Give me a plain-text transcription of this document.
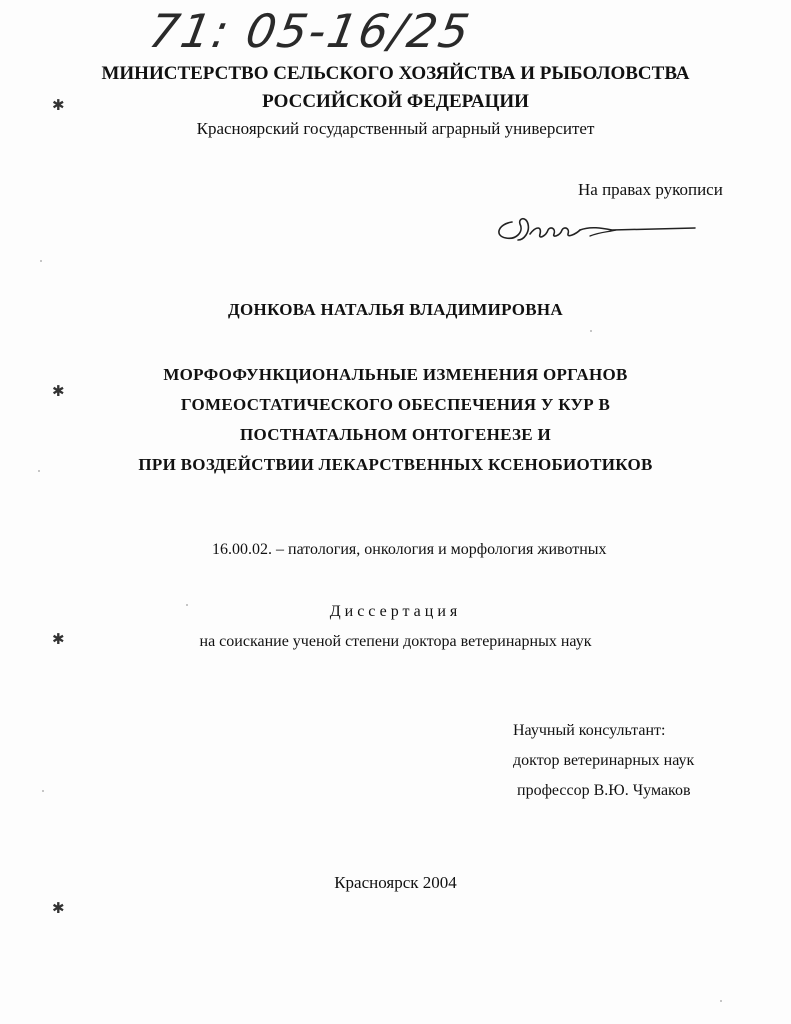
71: 05-16/25
МИНИСТЕРСТВО СЕЛЬСКОГО ХОЗЯЙСТВА И РЫБОЛОВСТВА
РОССИЙСКОЙ ФЕДЕРАЦИИ
Красноярский государственный аграрный университет
На правах рукописи
ДОНКОВА НАТАЛЬЯ ВЛАДИМИРОВНА
МОРФОФУНКЦИОНАЛЬНЫЕ ИЗМЕНЕНИЯ ОРГАНОВ
ГОМЕОСТАТИЧЕСКОГО ОБЕСПЕЧЕНИЯ У КУР В
ПОСТНАТАЛЬНОМ ОНТОГЕНЕЗЕ И
ПРИ ВОЗДЕЙСТВИИ ЛЕКАРСТВЕННЫХ КСЕНОБИОТИКОВ
16.00.02. – патология, онкология и морфология животных
Диссертация
на соискание ученой степени доктора ветеринарных наук
Научный консультант:
доктор ветеринарных наук
профессор В.Ю. Чумаков
Красноярск 2004
✱
✱
✱
✱
